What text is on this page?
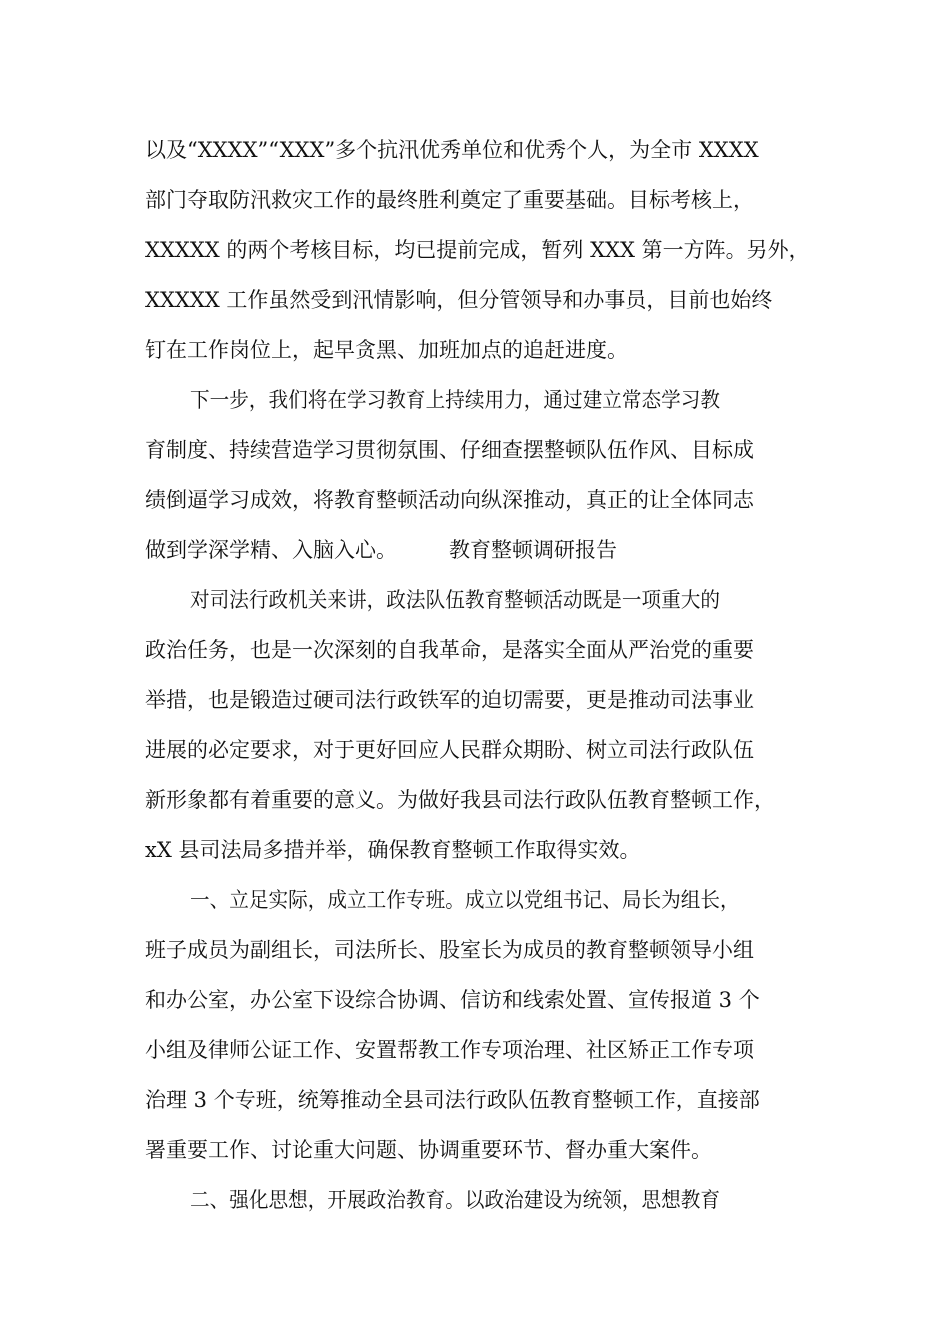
以及“XXXX”“XXX”多个抗汛优秀单位和优秀个人，为全市 XXXX
部门夺取防汛救灾工作的最终胜利奠定了重要基础。目标考核上，
XXXXX 的两个考核目标，均已提前完成，暂列 XXX 第一方阵。另外，
XXXXX 工作虽然受到汛情影响，但分管领导和办事员，目前也始终
钉在工作岗位上，起早贪黑、加班加点的追赶进度。
下一步，我们将在学习教育上持续用力，通过建立常态学习教
育制度、持续营造学习贯彻氛围、仔细查摆整顿队伍作风、目标成
绩倒逼学习成效，将教育整顿活动向纵深推动，真正的让全体同志
做到学深学精、入脑入心。 教育整顿调研报告
对司法行政机关来讲，政法队伍教育整顿活动既是一项重大的
政治任务，也是一次深刻的自我革命，是落实全面从严治党的重要
举措，也是锻造过硬司法行政铁军的迫切需要，更是推动司法事业
进展的必定要求，对于更好回应人民群众期盼、树立司法行政队伍
新形象都有着重要的意义。为做好我县司法行政队伍教育整顿工作，
xX 县司法局多措并举，确保教育整顿工作取得实效。
一、立足实际，成立工作专班。成立以党组书记、局长为组长，
班子成员为副组长，司法所长、股室长为成员的教育整顿领导小组
和办公室，办公室下设综合协调、信访和线索处置、宣传报道 3 个
小组及律师公证工作、安置帮教工作专项治理、社区矫正工作专项
治理 3 个专班，统筹推动全县司法行政队伍教育整顿工作，直接部
署重要工作、讨论重大问题、协调重要环节、督办重大案件。
二、强化思想，开展政治教育。以政治建设为统领，思想教育
